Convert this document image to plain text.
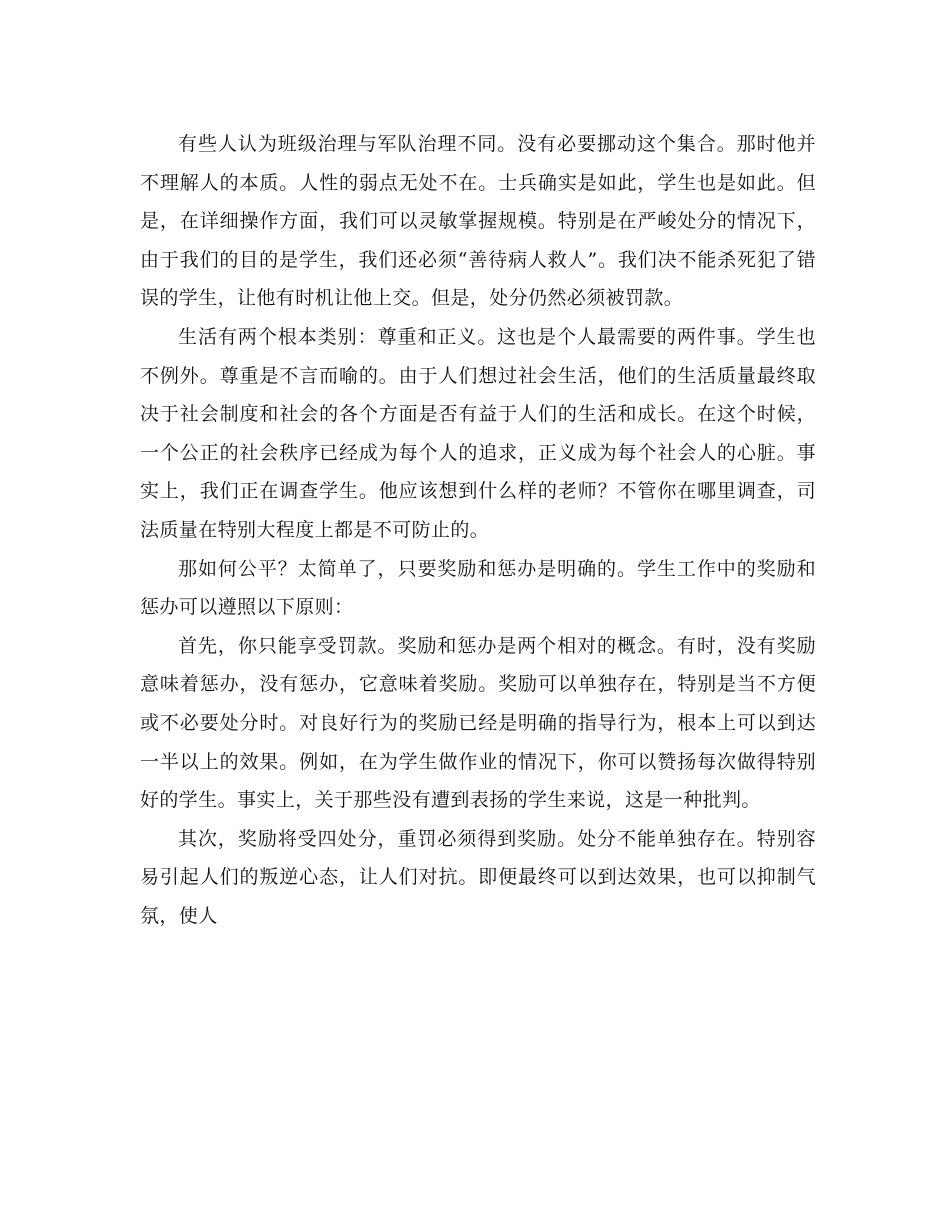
有些人认为班级治理与军队治理不同。没有必要挪动这个集合。那时他并不理解人的本质。人性的弱点无处不在。士兵确实是如此，学生也是如此。但是，在详细操作方面，我们可以灵敏掌握规模。特别是在严峻处分的情况下，由于我们的目的是学生，我们还必须“善待病人救人”。我们决不能杀死犯了错误的学生，让他有时机让他上交。但是，处分仍然必须被罚款。

生活有两个根本类别：尊重和正义。这也是个人最需要的两件事。学生也不例外。尊重是不言而喻的。由于人们想过社会生活，他们的生活质量最终取决于社会制度和社会的各个方面是否有益于人们的生活和成长。在这个时候，一个公正的社会秩序已经成为每个人的追求，正义成为每个社会人的心脏。事实上，我们正在调查学生。他应该想到什么样的老师？不管你在哪里调查，司法质量在特别大程度上都是不可防止的。

那如何公平？太简单了，只要奖励和惩办是明确的。学生工作中的奖励和惩办可以遵照以下原则：

首先，你只能享受罚款。奖励和惩办是两个相对的概念。有时，没有奖励意味着惩办，没有惩办，它意味着奖励。奖励可以单独存在，特别是当不方便或不必要处分时。对良好行为的奖励已经是明确的指导行为，根本上可以到达一半以上的效果。例如，在为学生做作业的情况下，你可以赞扬每次做得特别好的学生。事实上，关于那些没有遭到表扬的学生来说，这是一种批判。

其次，奖励将受四处分，重罚必须得到奖励。处分不能单独存在。特别容易引起人们的叛逆心态，让人们对抗。即便最终可以到达效果，也可以抑制气氛，使人
